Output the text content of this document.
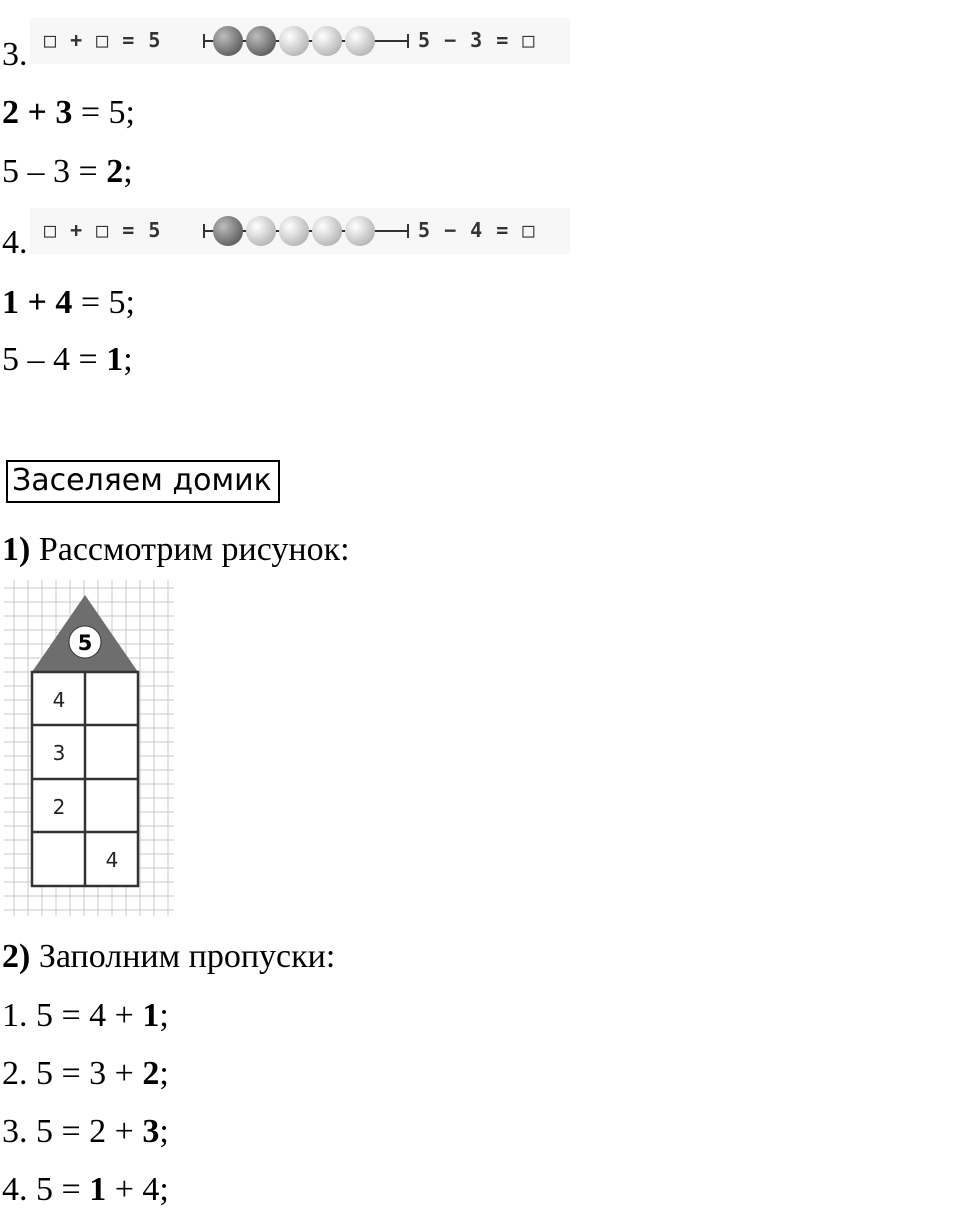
3. □ + □ = 5	5 − 3 = □
2 + 3 = 5;
5 – 3 = 2;
4. □ + □ = 5	5 − 4 = □
1 + 4 = 5;
5 – 4 = 1;
Заселяем домик
1) Рассмотрим рисунок:
5
4
3
2
4
2) Заполним пропуски:
1. 5 = 4 + 1;
2. 5 = 3 + 2;
3. 5 = 2 + 3;
4. 5 = 1 + 4;
